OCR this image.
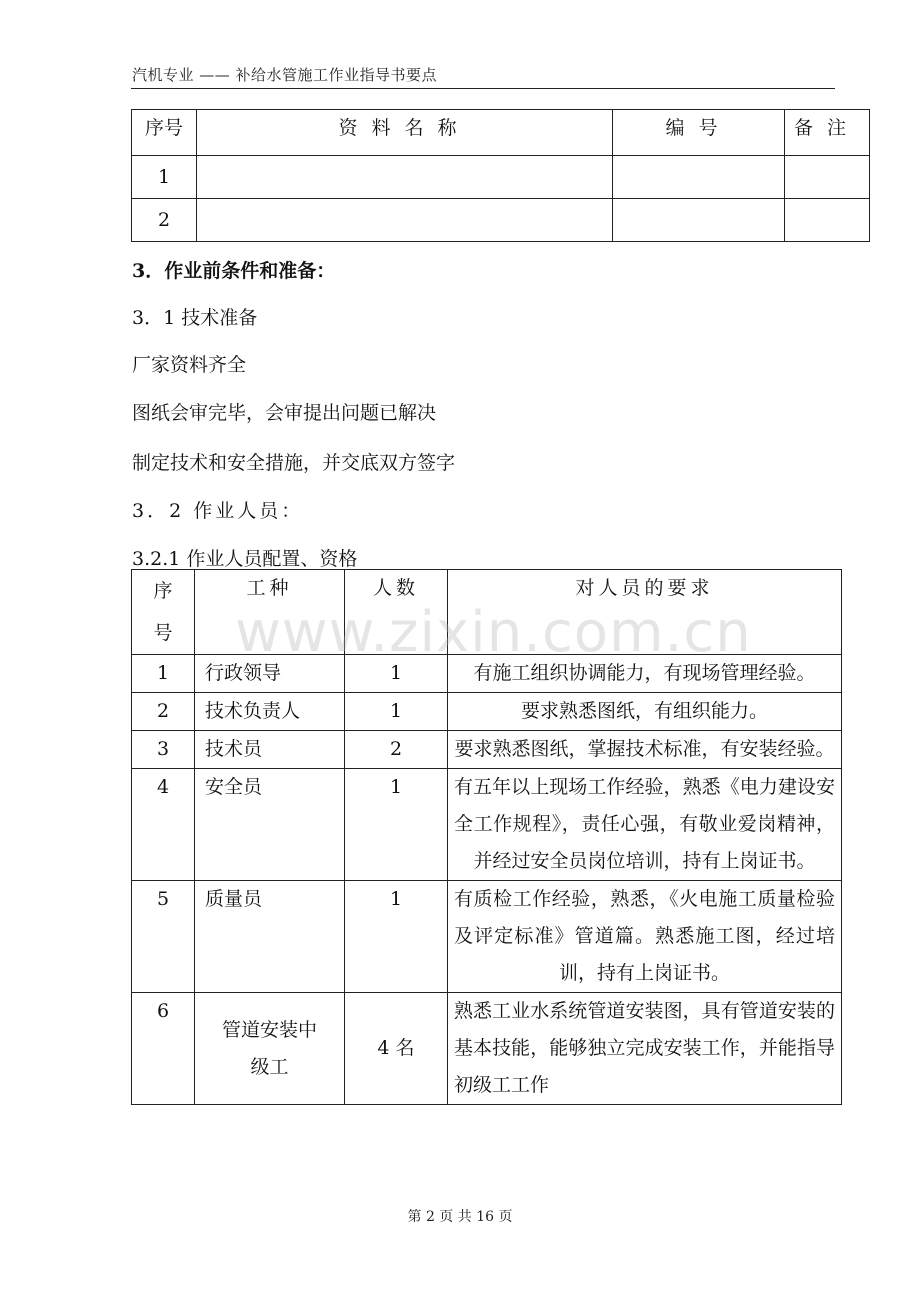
汽机专业 —— 补给水管施工作业指导书要点
序号	资料名称	编号	备注
1			
2			
3．作业前条件和准备：
3．1 技术准备
厂家资料齐全
图纸会审完毕，会审提出问题已解决
制定技术和安全措施，并交底双方签字
3．2 作业人员：
3.2.1 作业人员配置、资格
序号	工种	人数	对人员的要求
1	行政领导	1	有施工组织协调能力，有现场管理经验。
2	技术负责人	1	要求熟悉图纸，有组织能力。
3	技术员	2	要求熟悉图纸，掌握技术标准，有安装经验。
4	安全员	1	有五年以上现场工作经验，熟悉《电力建设安全工作规程》，责任心强，有敬业爱岗精神，并经过安全员岗位培训，持有上岗证书。
5	质量员	1	有质检工作经验，熟悉，《火电施工质量检验及评定标准》管道篇。熟悉施工图，经过培训，持有上岗证书。
6	管道安装中级工	4 名	熟悉工业水系统管道安装图，具有管道安装的基本技能，能够独立完成安装工作，并能指导初级工工作
www.zixin.com.cn
第 2 页 共 16 页
